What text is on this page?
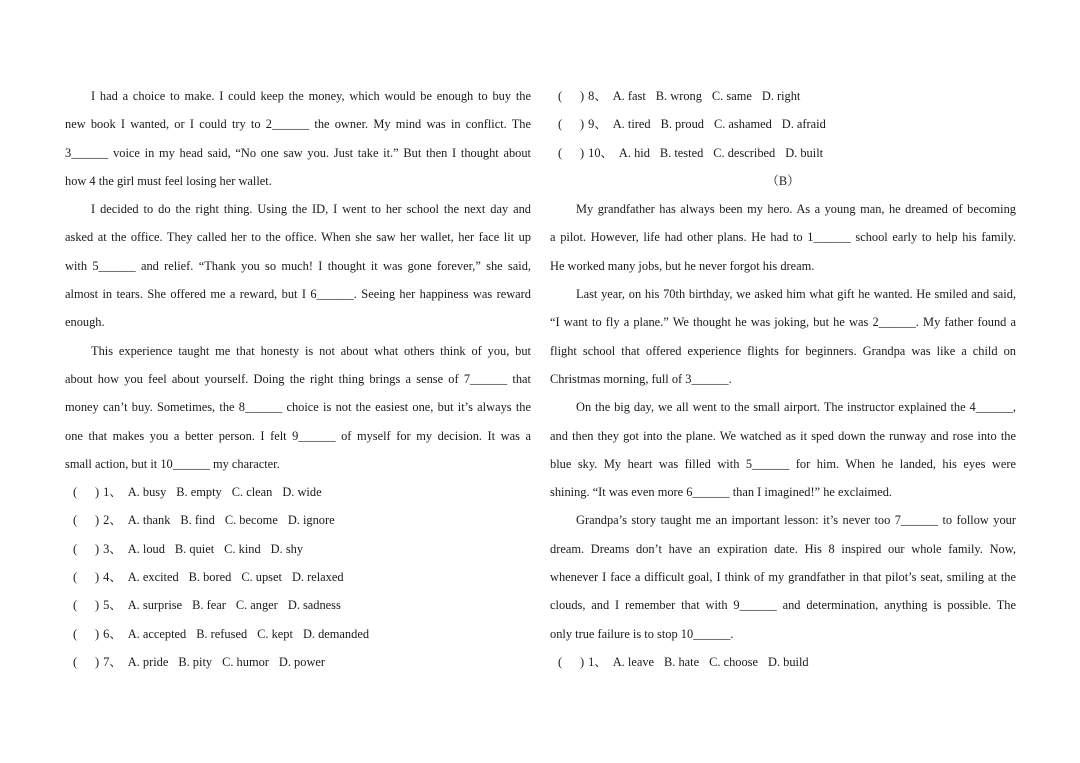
I had a choice to make. I could keep the money, which would be enough to buy the
new book I wanted, or I could try to 2______ the owner. My mind was in conflict. The
3______ voice in my head said, “No one saw you. Just take it.” But then I thought about
how 4 the girl must feel losing her wallet.
I decided to do the right thing. Using the ID, I went to her school the next day and
asked at the office. They called her to the office. When she saw her wallet, her face lit up
with 5______ and relief. “Thank you so much! I thought it was gone forever,” she said,
almost in tears. She offered me a reward, but I 6______. Seeing her happiness was reward
enough.
This experience taught me that honesty is not about what others think of you, but
about how you feel about yourself. Doing the right thing brings a sense of 7______ that
money can’t buy. Sometimes, the 8______ choice is not the easiest one, but it’s always the
one that makes you a better person. I felt 9______ of myself for my decision. It was a
small action, but it 10______ my character.
( ) 1、 A. busy B. empty C. clean D. wide
( ) 2、 A. thank B. find C. become D. ignore
( ) 3、 A. loud B. quiet C. kind D. shy
( ) 4、 A. excited B. bored C. upset D. relaxed
( ) 5、 A. surprise B. fear C. anger D. sadness
( ) 6、 A. accepted B. refused C. kept D. demanded
( ) 7、 A. pride B. pity C. humor D. power
( ) 8、 A. fast B. wrong C. same D. right
( ) 9、 A. tired B. proud C. ashamed D. afraid
( ) 10、 A. hid B. tested C. described D. built
（B）
My grandfather has always been my hero. As a young man, he dreamed of becoming
a pilot. However, life had other plans. He had to 1______ school early to help his family.
He worked many jobs, but he never forgot his dream.
Last year, on his 70th birthday, we asked him what gift he wanted. He smiled and said,
“I want to fly a plane.” We thought he was joking, but he was 2______. My father found a
flight school that offered experience flights for beginners. Grandpa was like a child on
Christmas morning, full of 3______.
On the big day, we all went to the small airport. The instructor explained the 4______,
and then they got into the plane. We watched as it sped down the runway and rose into the
blue sky. My heart was filled with 5______ for him. When he landed, his eyes were
shining. “It was even more 6______ than I imagined!” he exclaimed.
Grandpa’s story taught me an important lesson: it’s never too 7______ to follow your
dream. Dreams don’t have an expiration date. His 8 inspired our whole family. Now,
whenever I face a difficult goal, I think of my grandfather in that pilot’s seat, smiling at the
clouds, and I remember that with 9______ and determination, anything is possible. The
only true failure is to stop 10______.
( ) 1、 A. leave B. hate C. choose D. build
